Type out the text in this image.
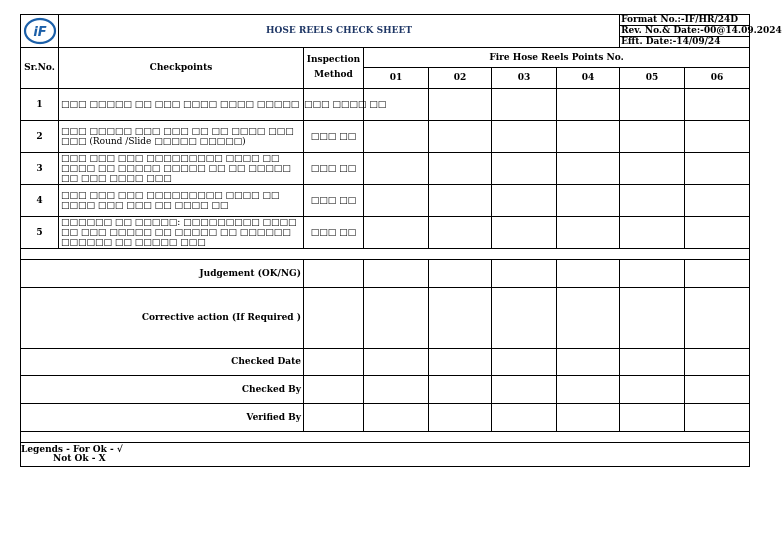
iF	HOSE REELS CHECK SHEET						Format No.:-IF/HR/24D	
							Rev. No.& Date:-00@14.09.2024	
							Efft. Date:-14/09/24	
Sr.No.	Checkpoints	Inspection Method	Fire Hose Reels Points No.					
			01	02	03	04	05	06
1	□□□ □□□□□ □□ □□□ □□□□ □□□□ □□□□□	□□□ □□□□ □□						
2	□□□ □□□□□ □□□ □□□ □□ □□ □□□□ □□□ □□□ (Round /Slide □□□□□ □□□□□)	□□□ □□						
3	□□□ □□□ □□□ □□□□□□□□□ □□□□ □□ □□□□ □□ □□□□□ □□□□□ □□ □□ □□□□□ □□ □□□ □□□□ □□□	□□□ □□						
4	□□□ □□□ □□□ □□□□□□□□□ □□□□ □□ □□□□ □□□ □□□ □□ □□□□ □□	□□□ □□						
5	□□□□□□ □□ □□□□□: □□□□□□□□□ □□□□ □□ □□□ □□□□□ □□ □□□□□ □□ □□□□□□ □□□□□□ □□ □□□□□ □□□	□□□ □□						

Judgement (OK/NG)								
Corrective action (If Required )								
Checked Date								
Checked By								
Verified By								

Legends - For Ok - √
Not Ok - X								
